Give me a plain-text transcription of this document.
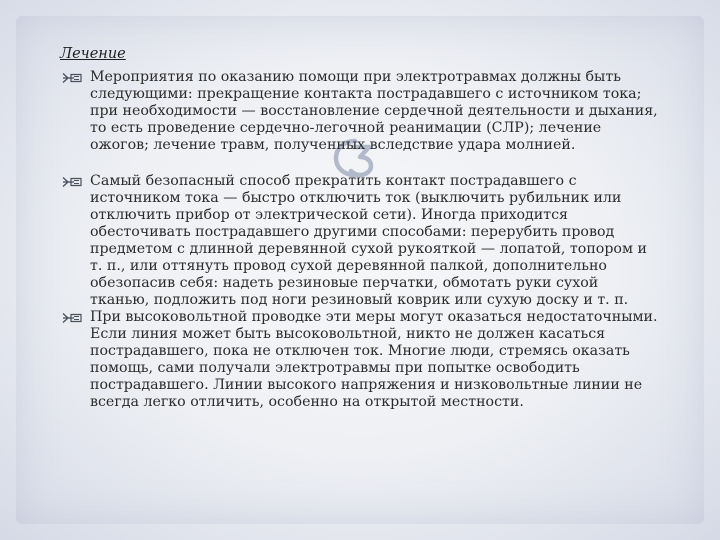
Лечение
Мероприятия по оказанию помощи при электротравмах должны быть следующими: прекращение контакта пострадавшего с источником тока; при необходимости — восстановление сердечной деятельности и дыхания, то есть проведение сердечно-легочной реанимации (СЛР); лечение ожогов; лечение травм, полученных вследствие удара молнией.
Самый безопасный способ прекратить контакт пострадавшего с источником тока — быстро отключить ток (выключить рубильник или отключить прибор от электрической сети). Иногда приходится обесточивать пострадавшего другими способами: перерубить провод предметом с длинной деревянной сухой рукояткой — лопатой, топором и т. п., или оттянуть провод сухой деревянной палкой, дополнительно обезопасив себя: надеть резиновые перчатки, обмотать руки сухой тканью, подложить под ноги резиновый коврик или сухую доску и т. п.
При высоковольтной проводке эти меры могут оказаться недостаточными. Если линия может быть высоковольтной, никто не должен касаться пострадавшего, пока не отключен ток. Многие люди, стремясь оказать помощь, сами получали электротравмы при попытке освободить пострадавшего. Линии высокого напряжения и низковольтные линии не всегда легко отличить, особенно на открытой местности.
